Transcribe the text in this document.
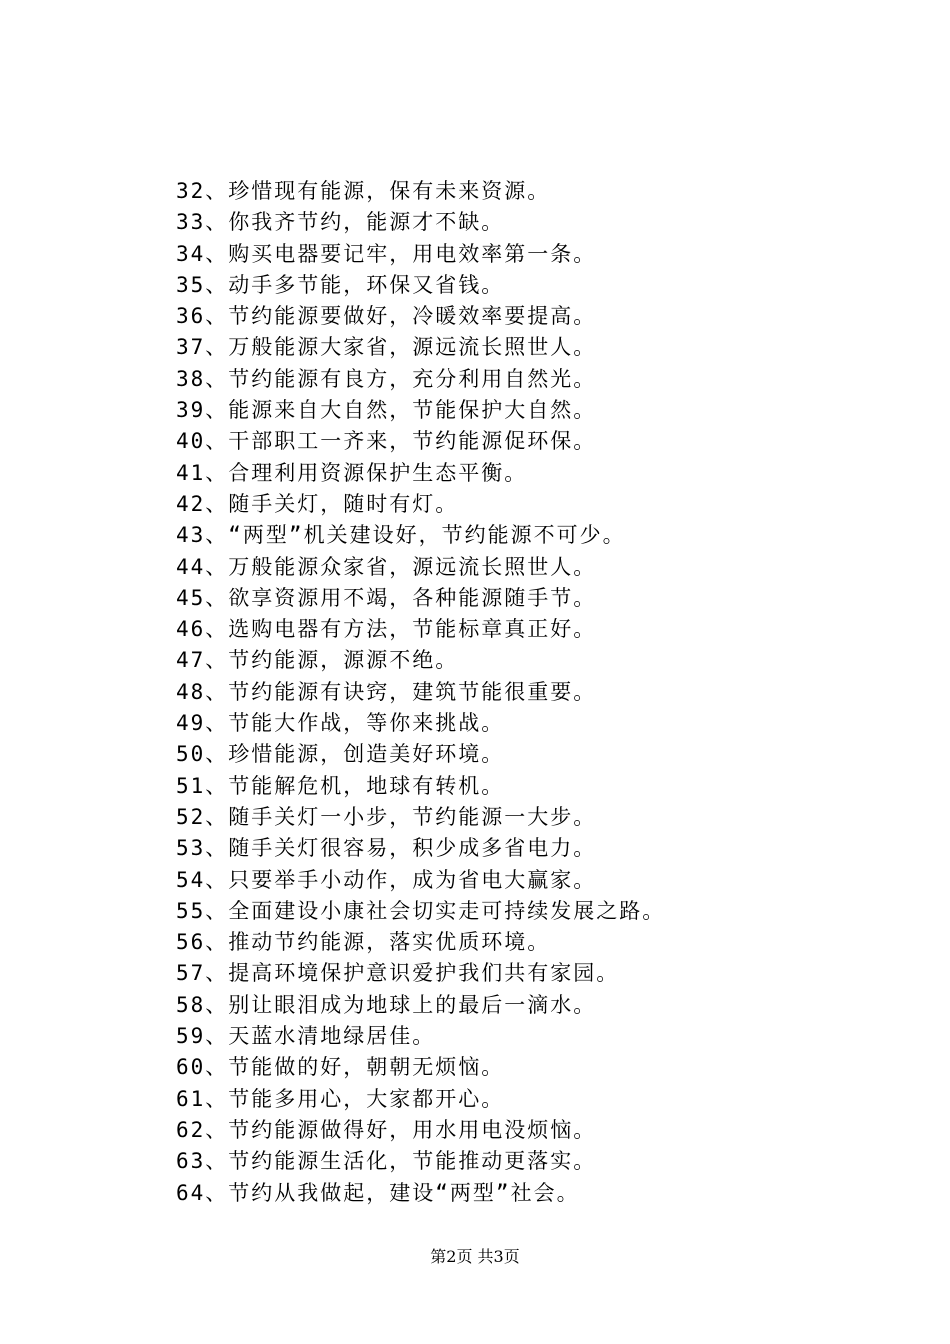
32、珍惜现有能源，保有未来资源。
33、你我齐节约，能源才不缺。
34、购买电器要记牢，用电效率第一条。
35、动手多节能，环保又省钱。
36、节约能源要做好，冷暖效率要提高。
37、万般能源大家省，源远流长照世人。
38、节约能源有良方，充分利用自然光。
39、能源来自大自然，节能保护大自然。
40、干部职工一齐来，节约能源促环保。
41、合理利用资源保护生态平衡。
42、随手关灯，随时有灯。
43、“两型”机关建设好，节约能源不可少。
44、万般能源众家省，源远流长照世人。
45、欲享资源用不竭，各种能源随手节。
46、选购电器有方法，节能标章真正好。
47、节约能源，源源不绝。
48、节约能源有诀窍，建筑节能很重要。
49、节能大作战，等你来挑战。
50、珍惜能源，创造美好环境。
51、节能解危机，地球有转机。
52、随手关灯一小步，节约能源一大步。
53、随手关灯很容易，积少成多省电力。
54、只要举手小动作，成为省电大赢家。
55、全面建设小康社会切实走可持续发展之路。
56、推动节约能源，落实优质环境。
57、提高环境保护意识爱护我们共有家园。
58、别让眼泪成为地球上的最后一滴水。
59、天蓝水清地绿居佳。
60、节能做的好，朝朝无烦恼。
61、节能多用心，大家都开心。
62、节约能源做得好，用水用电没烦恼。
63、节约能源生活化，节能推动更落实。
64、节约从我做起，建设“两型”社会。
第2页 共3页
